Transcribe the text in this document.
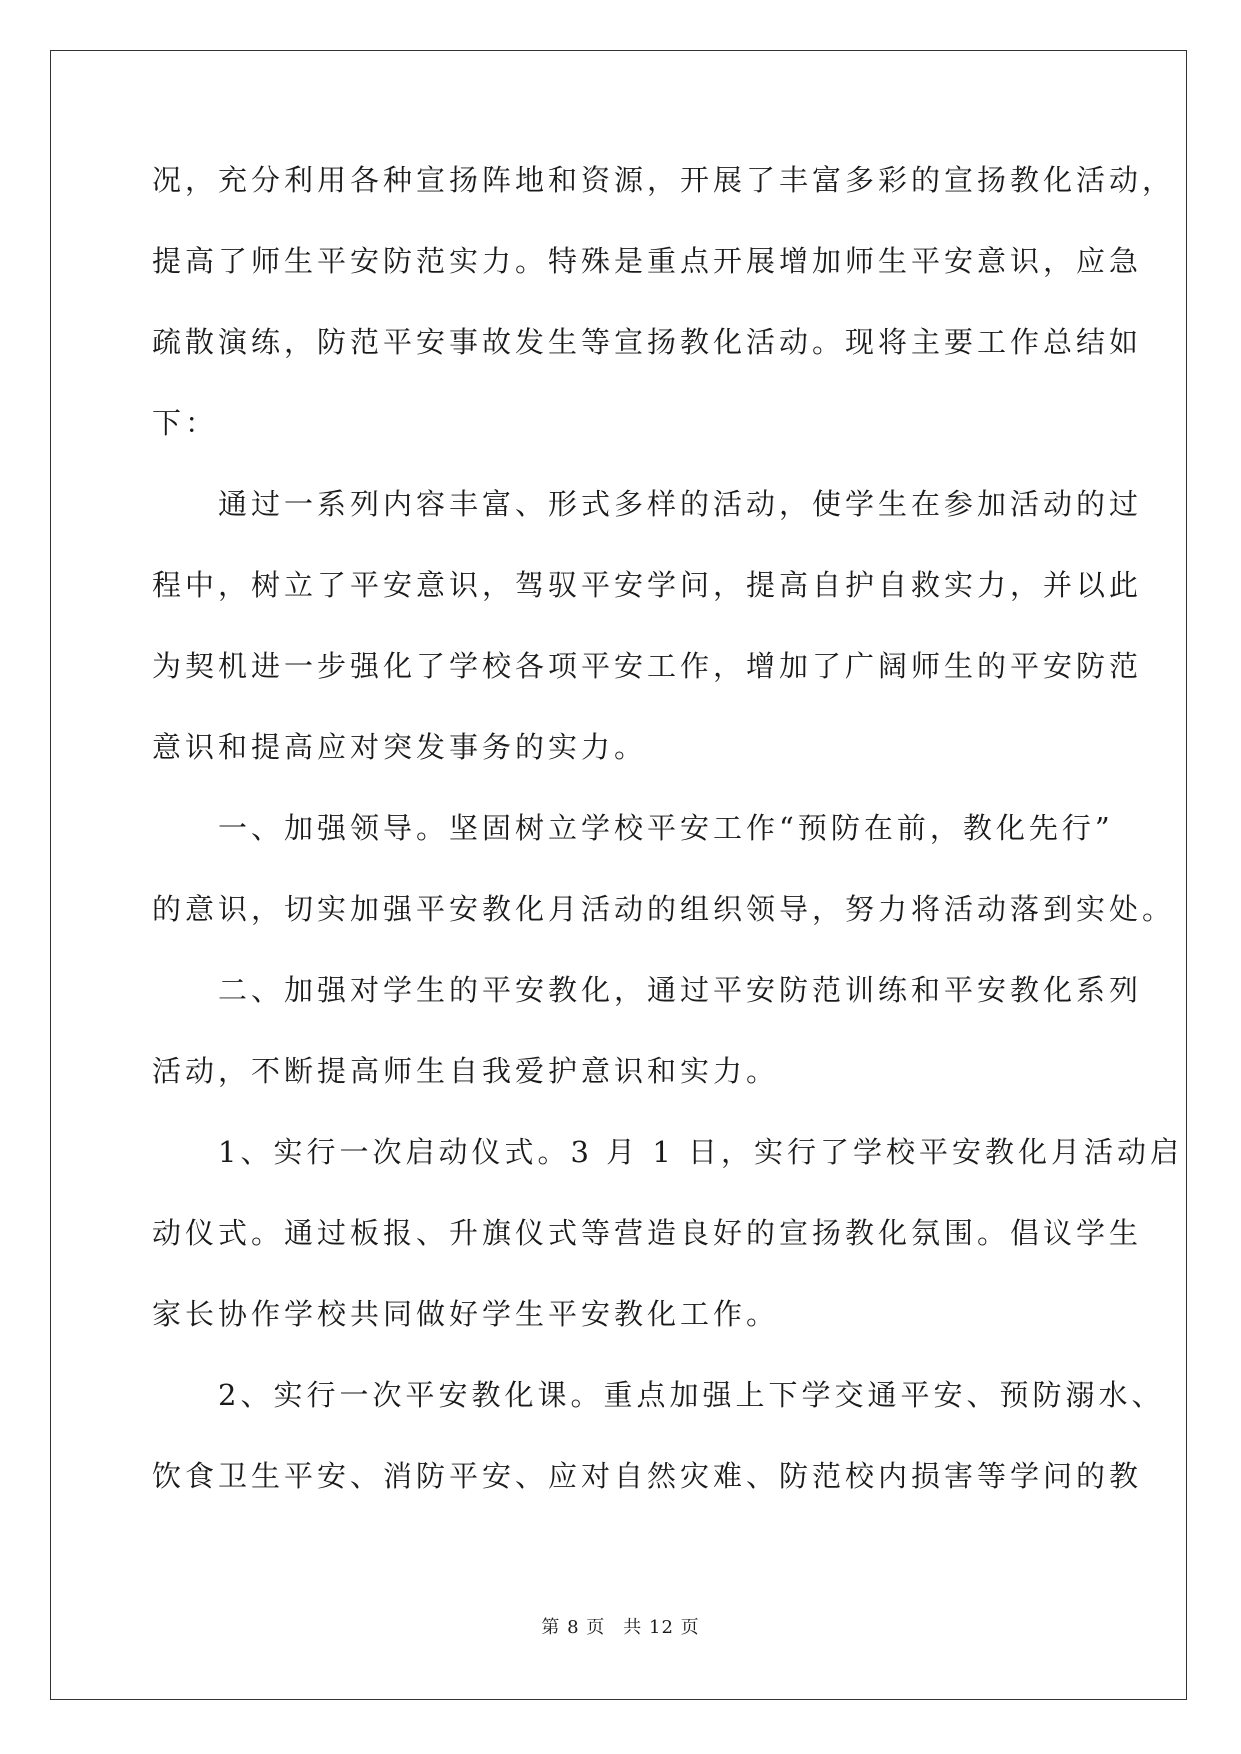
况，充分利用各种宣扬阵地和资源，开展了丰富多彩的宣扬教化活动，
提高了师生平安防范实力。特殊是重点开展增加师生平安意识，应急
疏散演练，防范平安事故发生等宣扬教化活动。现将主要工作总结如
下：
　　通过一系列内容丰富、形式多样的活动，使学生在参加活动的过
程中，树立了平安意识，驾驭平安学问，提高自护自救实力，并以此
为契机进一步强化了学校各项平安工作，增加了广阔师生的平安防范
意识和提高应对突发事务的实力。
　　一、加强领导。坚固树立学校平安工作“预防在前，教化先行”
的意识，切实加强平安教化月活动的组织领导，努力将活动落到实处。
　　二、加强对学生的平安教化，通过平安防范训练和平安教化系列
活动，不断提高师生自我爱护意识和实力。
　　1、实行一次启动仪式。3 月 1 日，实行了学校平安教化月活动启
动仪式。通过板报、升旗仪式等营造良好的宣扬教化氛围。倡议学生
家长协作学校共同做好学生平安教化工作。
　　2、实行一次平安教化课。重点加强上下学交通平安、预防溺水、
饮食卫生平安、消防平安、应对自然灾难、防范校内损害等学问的教
第 8 页 共 12 页
